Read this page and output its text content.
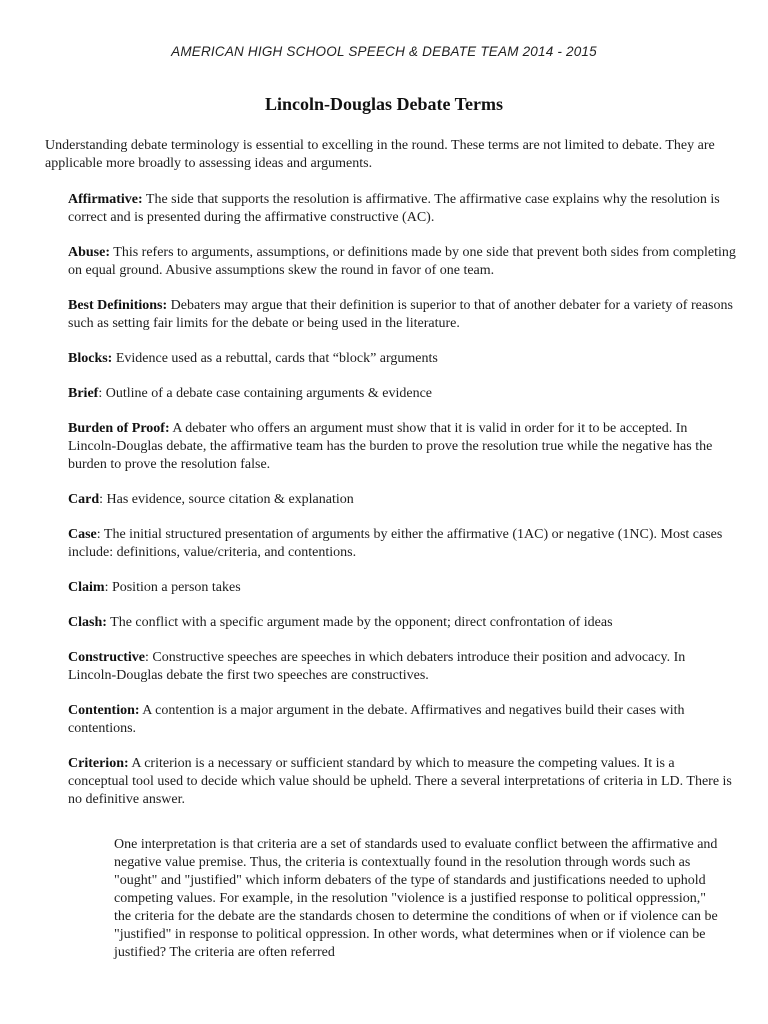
AMERICAN HIGH SCHOOL SPEECH & DEBATE TEAM 2014 - 2015
Lincoln-Douglas Debate Terms
Understanding debate terminology is essential to excelling in the round. These terms are not limited to debate. They are applicable more broadly to assessing ideas and arguments.
Affirmative: The side that supports the resolution is affirmative. The affirmative case explains why the resolution is correct and is presented during the affirmative constructive (AC).
Abuse: This refers to arguments, assumptions, or definitions made by one side that prevent both sides from completing on equal ground. Abusive assumptions skew the round in favor of one team.
Best Definitions: Debaters may argue that their definition is superior to that of another debater for a variety of reasons such as setting fair limits for the debate or being used in the literature.
Blocks: Evidence used as a rebuttal, cards that “block” arguments
Brief: Outline of a debate case containing arguments & evidence
Burden of Proof: A debater who offers an argument must show that it is valid in order for it to be accepted. In Lincoln-Douglas debate, the affirmative team has the burden to prove the resolution true while the negative has the burden to prove the resolution false.
Card: Has evidence, source citation & explanation
Case: The initial structured presentation of arguments by either the affirmative (1AC) or negative (1NC). Most cases include: definitions, value/criteria, and contentions.
Claim: Position a person takes
Clash: The conflict with a specific argument made by the opponent; direct confrontation of ideas
Constructive: Constructive speeches are speeches in which debaters introduce their position and advocacy. In Lincoln-Douglas debate the first two speeches are constructives.
Contention: A contention is a major argument in the debate. Affirmatives and negatives build their cases with contentions.
Criterion: A criterion is a necessary or sufficient standard by which to measure the competing values. It is a conceptual tool used to decide which value should be upheld. There a several interpretations of criteria in LD. There is no definitive answer.
One interpretation is that criteria are a set of standards used to evaluate conflict between the affirmative and negative value premise. Thus, the criteria is contextually found in the resolution through words such as "ought" and "justified" which inform debaters of the type of standards and justifications needed to uphold competing values. For example, in the resolution "violence is a justified response to political oppression," the criteria for the debate are the standards chosen to determine the conditions of when or if violence can be "justified" in response to political oppression. In other words, what determines when or if violence can be justified? The criteria are often referred
